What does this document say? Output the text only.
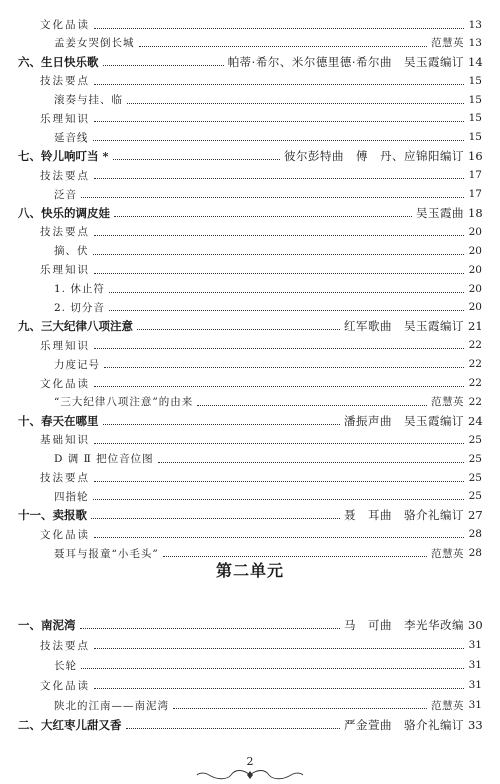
文化品读	13
孟姜女哭倒长城	范慧英 13
六、生日快乐歌	帕蒂·希尔、米尔德里德·希尔曲　吴玉霞编订 14
技法要点	15
滚奏与挂、临	15
乐理知识	15
延音线	15
七、铃儿响叮当 *	彼尔彭特曲　傅　丹、应锦阳编订 16
技法要点	17
泛音	17
八、快乐的调皮娃	吴玉霞曲 18
技法要点	20
摘、伏	20
乐理知识	20
1. 休止符	20
2. 切分音	20
九、三大纪律八项注意	红军歌曲　吴玉霞编订 21
乐理知识	22
力度记号	22
文化品读	22
“三大纪律八项注意”的由来	范慧英 22
十、春天在哪里	潘振声曲　吴玉霞编订 24
基础知识	25
D 调 Ⅱ 把位音位图	25
技法要点	25
四指轮	25
十一、卖报歌	聂　耳曲　骆介礼编订 27
文化品读	28
聂耳与报童“小毛头”	范慧英 28
一、南泥湾	马　可曲　李光华改编 30
技法要点	31
长轮	31
文化品读	31
陕北的江南——南泥湾	范慧英 31
二、大红枣儿甜又香	严金萱曲　骆介礼编订 33
第二单元
2
